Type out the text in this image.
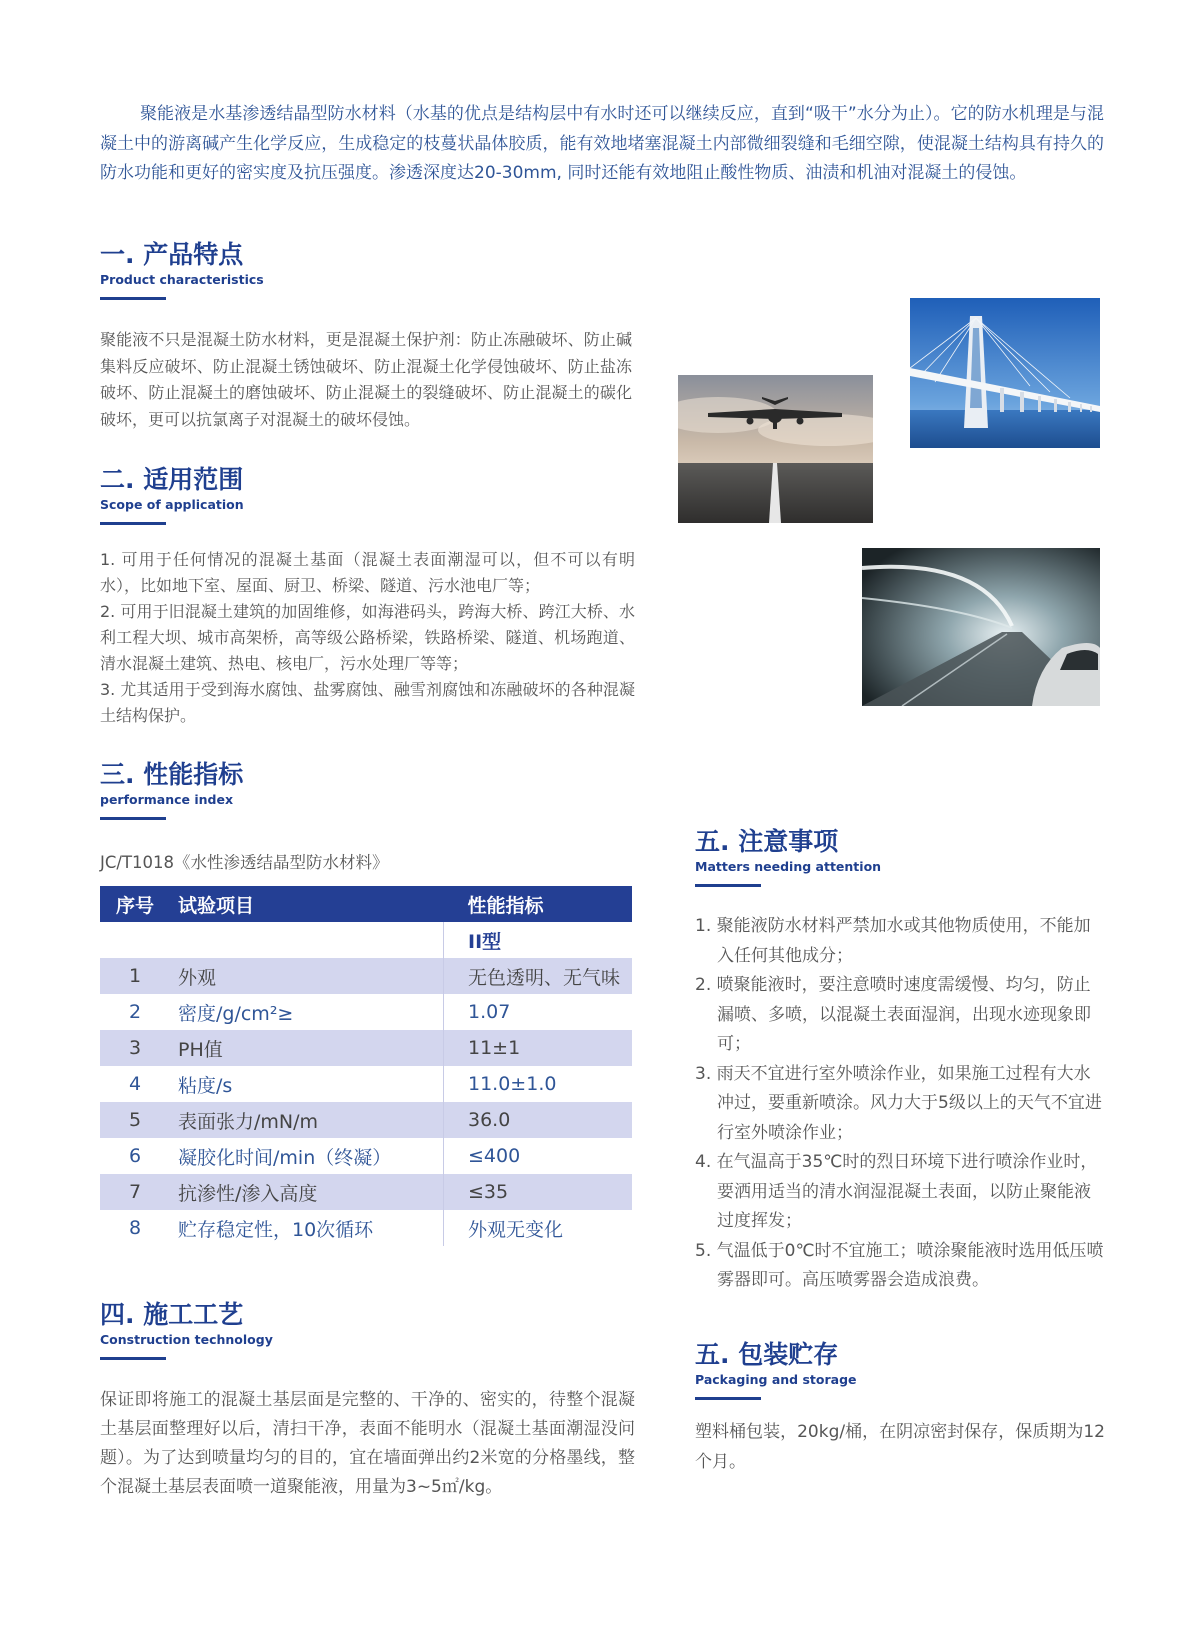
聚能液是水基渗透结晶型防水材料（水基的优点是结构层中有水时还可以继续反应，直到“吸干”水分为止）。它的防水机理是与混凝土中的游离碱产生化学反应，生成稳定的枝蔓状晶体胶质，能有效地堵塞混凝土内部微细裂缝和毛细空隙，使混凝土结构具有持久的防水功能和更好的密实度及抗压强度。渗透深度达20-30mm, 同时还能有效地阻止酸性物质、油渍和机油对混凝土的侵蚀。

一. 产品特点

Product characteristics

聚能液不只是混凝土防水材料，更是混凝土保护剂：防止冻融破坏、防止碱集料反应破坏、防止混凝土锈蚀破坏、防止混凝土化学侵蚀破坏、防止盐冻破坏、防止混凝土的磨蚀破坏、防止混凝土的裂缝破坏、防止混凝土的碳化破坏，更可以抗氯离子对混凝土的破坏侵蚀。

二. 适用范围

Scope of application

1. 可用于任何情况的混凝土基面（混凝土表面潮湿可以，但不可以有明水），比如地下室、屋面、厨卫、桥梁、隧道、污水池电厂等；

2. 可用于旧混凝土建筑的加固维修，如海港码头，跨海大桥、跨江大桥、水利工程大坝、城市高架桥，高等级公路桥梁，铁路桥梁、隧道、机场跑道、清水混凝土建筑、热电、核电厂，污水处理厂等等；

3. 尤其适用于受到海水腐蚀、盐雾腐蚀、融雪剂腐蚀和冻融破坏的各种混凝土结构保护。

三. 性能指标

performance index

JC/T1018《水性渗透结晶型防水材料》

序号	试验项目	性能指标
		II型
1	外观	无色透明、无气味
2	密度/g/cm²≥	1.07
3	PH值	11±1
4	粘度/s	11.0±1.0
5	表面张力/mN/m	36.0
6	凝胶化时间/min（终凝）	≤400
7	抗渗性/渗入高度	≤35
8	贮存稳定性，10次循环	外观无变化
四. 施工工艺

Construction technology

保证即将施工的混凝土基层面是完整的、干净的、密实的，待整个混凝土基层面整理好以后，清扫干净，表面不能明水（混凝土基面潮湿没问题）。为了达到喷量均匀的目的，宜在墙面弹出约2米宽的分格墨线，整个混凝土基层表面喷一道聚能液，用量为3~5㎡/kg。

五. 注意事项

Matters needing attention

1. 聚能液防水材料严禁加水或其他物质使用，不能加入任何其他成分；

2. 喷聚能液时，要注意喷时速度需缓慢、均匀，防止漏喷、多喷，以混凝土表面湿润，出现水迹现象即可；

3. 雨天不宜进行室外喷涂作业，如果施工过程有大水冲过，要重新喷涂。风力大于5级以上的天气不宜进行室外喷涂作业；

4. 在气温高于35℃时的烈日环境下进行喷涂作业时，要洒用适当的清水润湿混凝土表面，以防止聚能液过度挥发；

5. 气温低于0℃时不宜施工；喷涂聚能液时选用低压喷雾器即可。高压喷雾器会造成浪费。

五. 包装贮存

Packaging and storage

塑料桶包装，20kg/桶，在阴凉密封保存，保质期为12个月。
